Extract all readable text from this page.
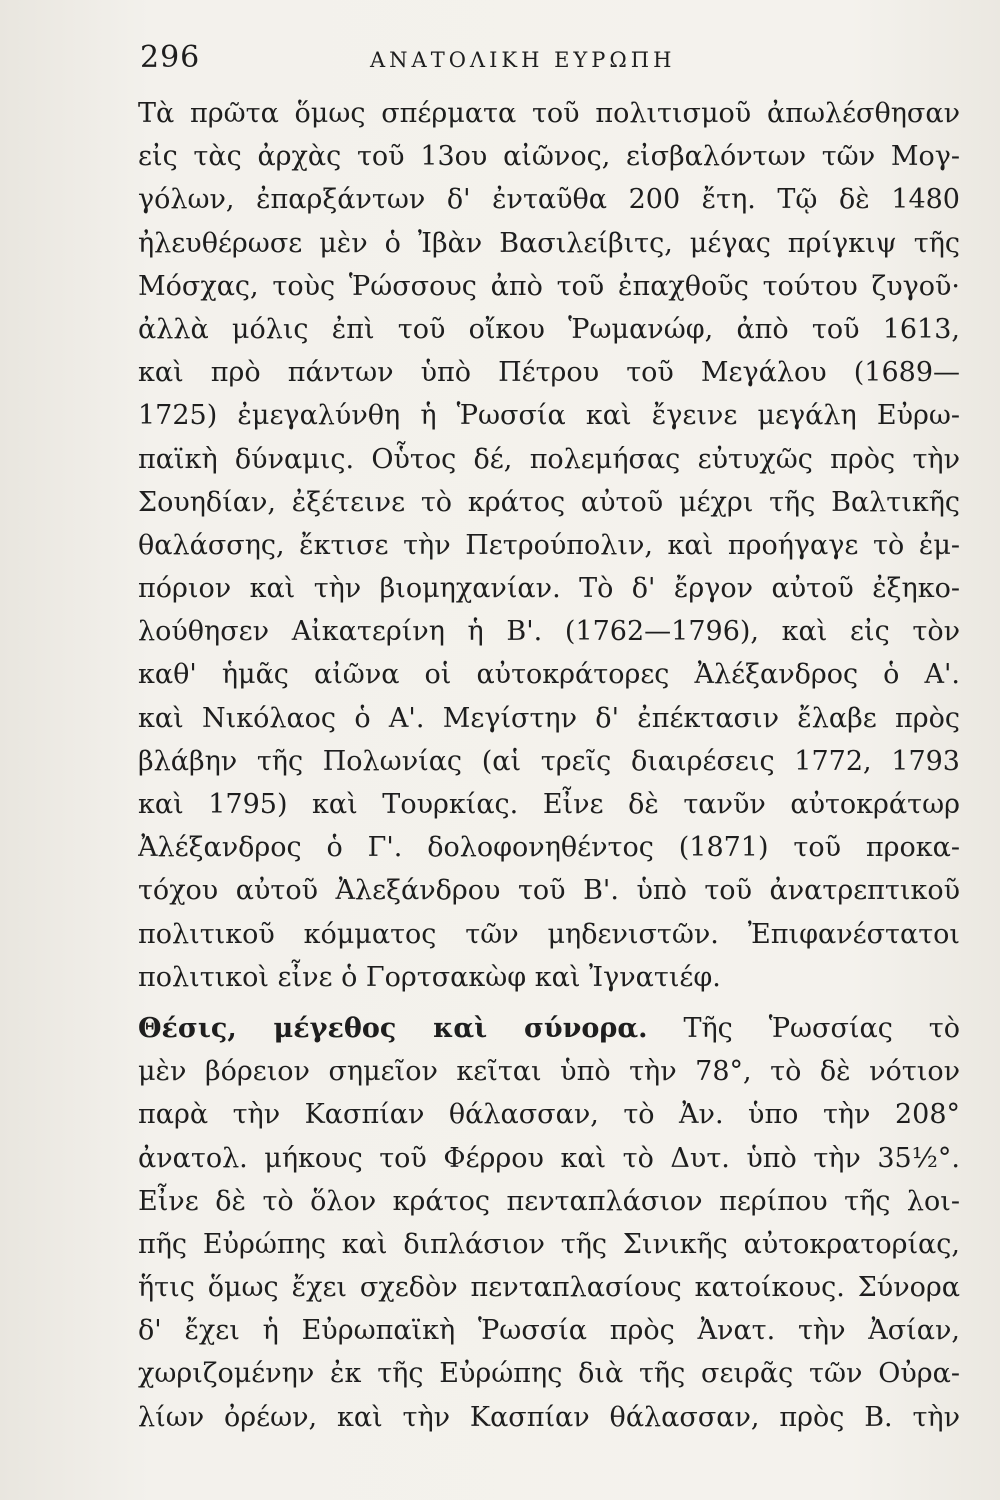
296	ΑΝΑΤΟΛΙΚΗ ΕΥΡΩΠΗ
Τὰ πρῶτα ὅμως σπέρματα τοῦ πολιτισμοῦ ἀπωλέσθησαν
εἰς τὰς ἀρχὰς τοῦ 13ου αἰῶνος, εἰσβαλόντων τῶν Μογ-
γόλων, ἐπαρξάντων δ' ἐνταῦθα 200 ἔτη. Τῷ δὲ 1480
ἠλευθέρωσε μὲν ὁ Ἰβὰν Βασιλείβιτς, μέγας πρίγκιψ τῆς
Μόσχας, τοὺς Ῥώσσους ἀπὸ τοῦ ἐπαχθοῦς τούτου ζυγοῦ·
ἀλλὰ μόλις ἐπὶ τοῦ οἴκου Ῥωμανώφ, ἀπὸ τοῦ 1613,
καὶ πρὸ πάντων ὑπὸ Πέτρου τοῦ Μεγάλου (1689—
1725) ἐμεγαλύνθη ἡ Ῥωσσία καὶ ἔγεινε μεγάλη Εὐρω-
παϊκὴ δύναμις. Οὗτος δέ, πολεμήσας εὐτυχῶς πρὸς τὴν
Σουηδίαν, ἐξέτεινε τὸ κράτος αὐτοῦ μέχρι τῆς Βαλτικῆς
θαλάσσης, ἔκτισε τὴν Πετρούπολιν, καὶ προήγαγε τὸ ἐμ-
πόριον καὶ τὴν βιομηχανίαν. Τὸ δ' ἔργον αὐτοῦ ἐξηκο-
λούθησεν Αἰκατερίνη ἡ Β'. (1762—1796), καὶ εἰς τὸν
καθ' ἡμᾶς αἰῶνα οἱ αὐτοκράτορες Ἀλέξανδρος ὁ Α'.
καὶ Νικόλαος ὁ Α'. Μεγίστην δ' ἐπέκτασιν ἔλαβε πρὸς
βλάβην τῆς Πολωνίας (αἱ τρεῖς διαιρέσεις 1772, 1793
καὶ 1795) καὶ Τουρκίας. Εἶνε δὲ τανῦν αὐτοκράτωρ
Ἀλέξανδρος ὁ Γ'. δολοφονηθέντος (1871) τοῦ προκα-
τόχου αὐτοῦ Ἀλεξάνδρου τοῦ Β'. ὑπὸ τοῦ ἀνατρεπτικοῦ
πολιτικοῦ κόμματος τῶν μηδενιστῶν. Ἐπιφανέστατοι
πολιτικοὶ εἶνε ὁ Γορτσακὼφ καὶ Ἰγνατιέφ.
Θέσις, μέγεθος καὶ σύνορα. Τῆς Ῥωσσίας τὸ
μὲν βόρειον σημεῖον κεῖται ὑπὸ τὴν 78°, τὸ δὲ νότιον
παρὰ τὴν Κασπίαν θάλασσαν, τὸ Ἀν. ὑπο τὴν 208°
ἀνατολ. μήκους τοῦ Φέρρου καὶ τὸ Δυτ. ὑπὸ τὴν 35½°.
Εἶνε δὲ τὸ ὅλον κράτος πενταπλάσιον περίπου τῆς λοι-
πῆς Εὐρώπης καὶ διπλάσιον τῆς Σινικῆς αὐτοκρατορίας,
ἥτις ὅμως ἔχει σχεδὸν πενταπλασίους κατοίκους. Σύνορα
δ' ἔχει ἡ Εὐρωπαϊκὴ Ῥωσσία πρὸς Ἀνατ. τὴν Ἀσίαν,
χωριζομένην ἐκ τῆς Εὐρώπης διὰ τῆς σειρᾶς τῶν Οὐρα-
λίων ὀρέων, καὶ τὴν Κασπίαν θάλασσαν, πρὸς Β. τὴν
